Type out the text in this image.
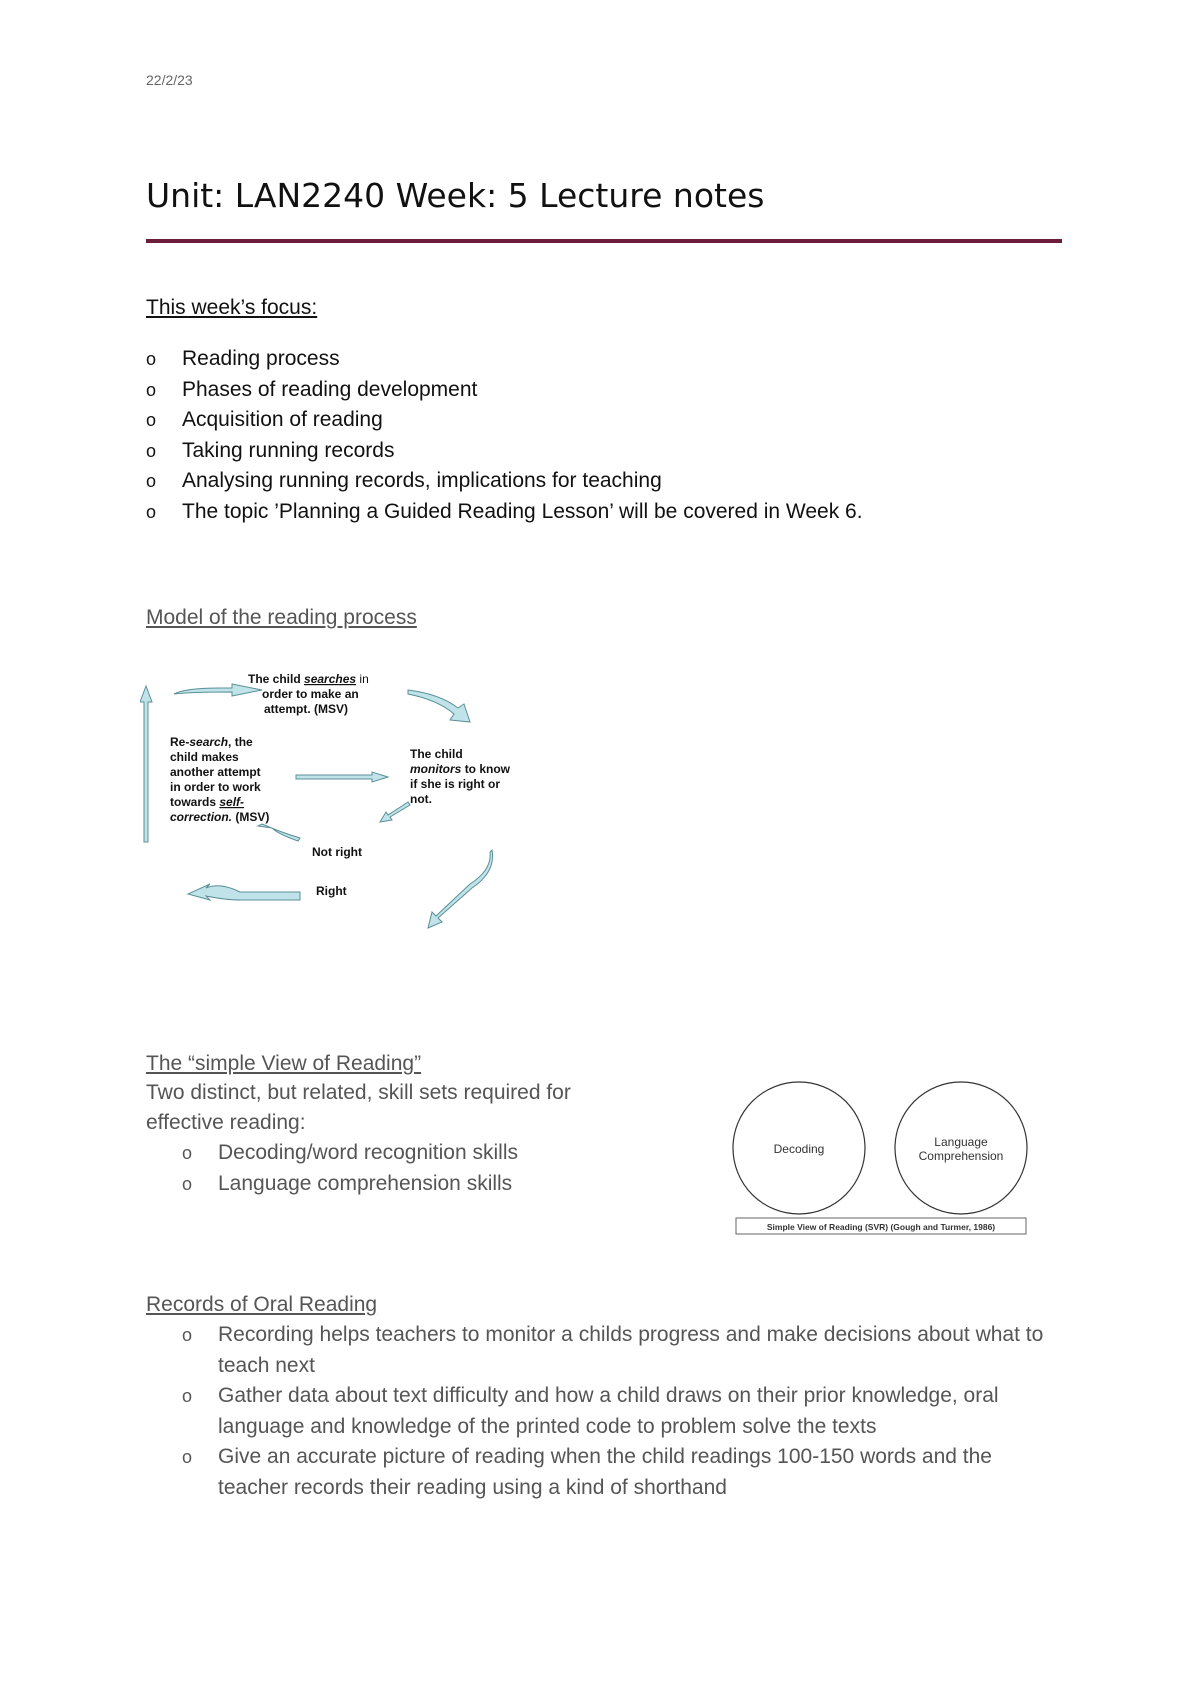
22/2/23
Unit: LAN2240 Week: 5 Lecture notes
This week’s focus:
o Reading process
o Phases of reading development
o Acquisition of reading
o Taking running records
o Analysing running records, implications for teaching
o The topic ’Planning a Guided Reading Lesson’ will be covered in Week 6.
Model of the reading process
The child searches in order to make an attempt. (MSV)
The child monitors to know if she is right or not.
Re-search, the child makes another attempt in order to work towards self- correction. (MSV)
Not right
Right
The “simple View of Reading”
Two distinct, but related, skill sets required for effective reading:
o Decoding/word recognition skills
o Language comprehension skills
Decoding	Language
Comprehension
Simple View of Reading (SVR) (Gough and Turmer, 1986)
Records of Oral Reading
o Recording helps teachers to monitor a childs progress and make decisions about what to teach next
o Gather data about text difficulty and how a child draws on their prior knowledge, oral language and knowledge of the printed code to problem solve the texts
o Give an accurate picture of reading when the child readings 100-150 words and the teacher records their reading using a kind of shorthand
